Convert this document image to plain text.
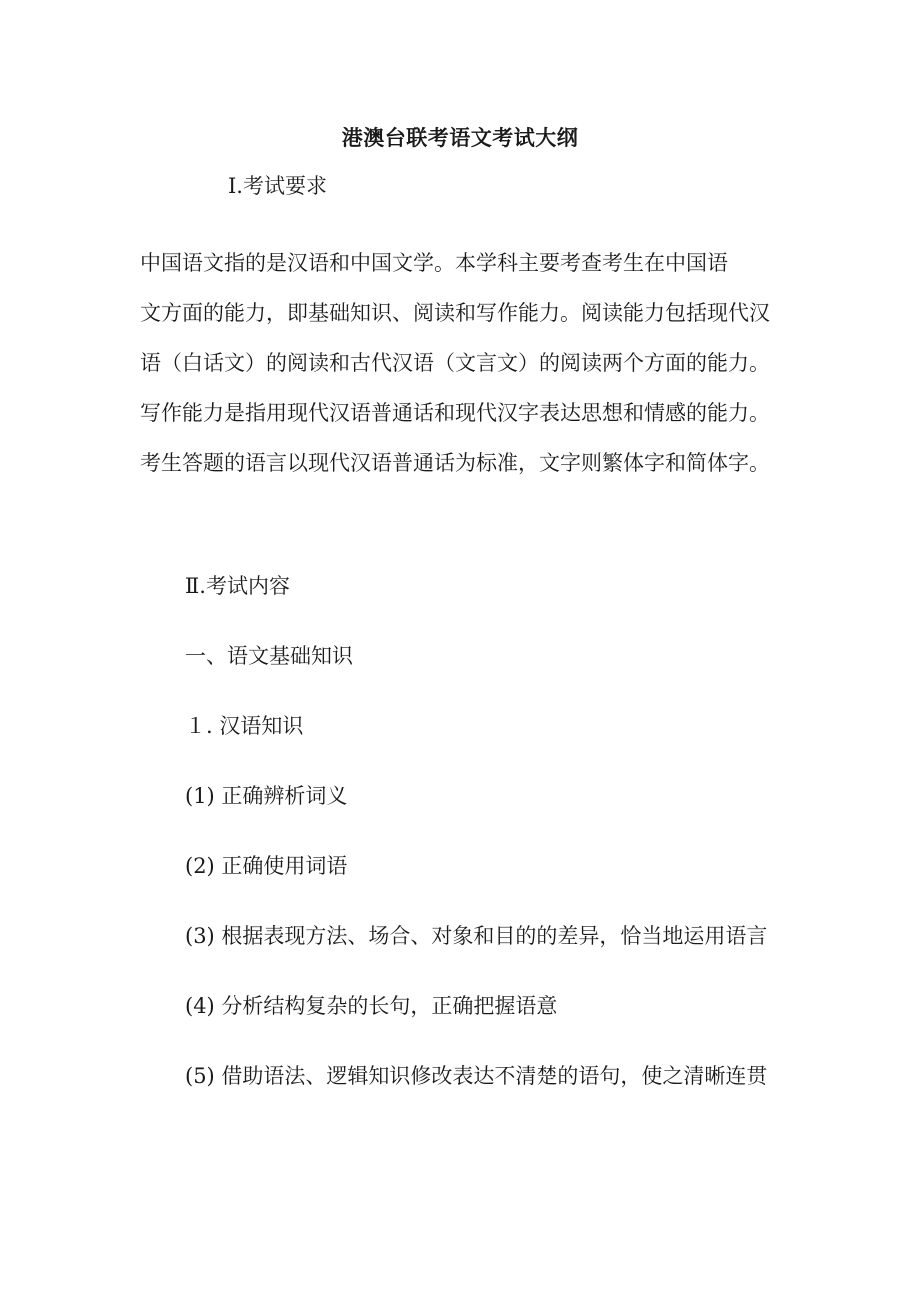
港澳台联考语文考试大纲
Ⅰ.考试要求
中国语文指的是汉语和中国文学。本学科主要考查考生在中国语
文方面的能力，即基础知识、阅读和写作能力。阅读能力包括现代汉
语（白话文）的阅读和古代汉语（文言文）的阅读两个方面的能力。
写作能力是指用现代汉语普通话和现代汉字表达思想和情感的能力。
考生答题的语言以现代汉语普通话为标准，文字则繁体字和简体字。
Ⅱ.考试内容
一、语文基础知识
１. 汉语知识
(1) 正确辨析词义
(2) 正确使用词语
(3) 根据表现方法、场合、对象和目的的差异，恰当地运用语言
(4) 分析结构复杂的长句，正确把握语意
(5) 借助语法、逻辑知识修改表达不清楚的语句，使之清晰连贯
